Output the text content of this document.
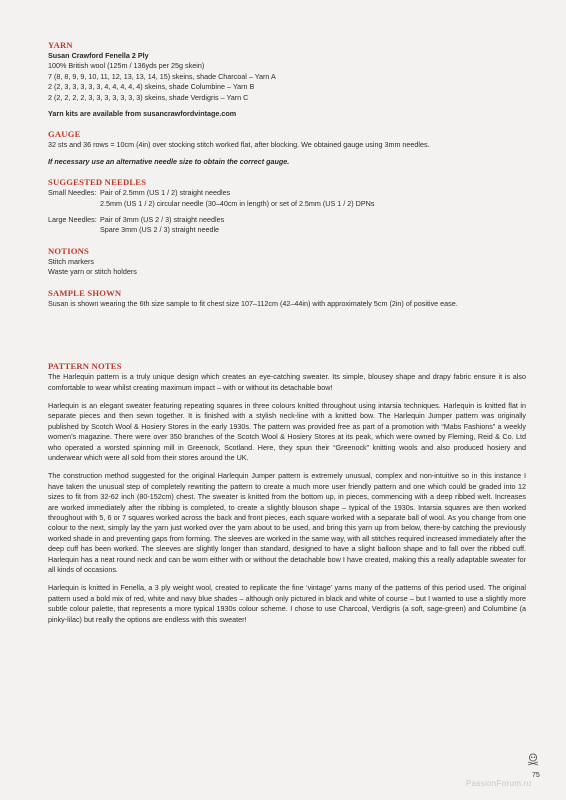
YARN
Susan Crawford Fenella 2 Ply
100% British wool (125m / 136yds per 25g skein)
7 (8, 8, 9, 9, 10, 11, 12, 13, 13, 14, 15) skeins, shade Charcoal – Yarn A
2 (2, 3, 3, 3, 3, 3, 4, 4, 4, 4, 4) skeins, shade Columbine – Yarn B
2 (2, 2, 2, 2, 3, 3, 3, 3, 3, 3, 3) skeins, shade Verdigris – Yarn C
Yarn kits are available from susancrawfordvintage.com
GAUGE
32 sts and 36 rows = 10cm (4in) over stocking stitch worked flat, after blocking. We obtained gauge using 3mm needles.
If necessary use an alternative needle size to obtain the correct gauge.
SUGGESTED NEEDLES
Small Needles: Pair of 2.5mm (US 1 / 2) straight needles
2.5mm (US 1 / 2) circular needle (30–40cm in length) or set of 2.5mm (US 1 / 2) DPNs
Large Needles: Pair of 3mm (US 2 / 3) straight needles
Spare 3mm (US 2 / 3) straight needle
NOTIONS
Stitch markers
Waste yarn or stitch holders
SAMPLE SHOWN
Susan is shown wearing the 6th size sample to fit chest size 107–112cm (42–44in) with approximately 5cm (2in) of positive ease.
PATTERN NOTES

The Harlequin pattern is a truly unique design which creates an eye-catching sweater. Its simple, blousey shape and drapy fabric ensure it is also comfortable to wear whilst creating maximum impact – with or without its detachable bow!

Harlequin is an elegant sweater featuring repeating squares in three colours knitted throughout using intarsia techniques. Harlequin is knitted flat in separate pieces and then sewn together. It is finished with a stylish neck-line with a knitted bow. The Harlequin Jumper pattern was originally published by Scotch Wool & Hosiery Stores in the early 1930s. The pattern was provided free as part of a promotion with “Mabs Fashions” a weekly women’s magazine. There were over 350 branches of the Scotch Wool & Hosiery Stores at its peak, which were owned by Fleming, Reid & Co. Ltd who operated a worsted spinning mill in Greenock, Scotland. Here, they spun their “Greenock” knitting wools and also produced hosiery and underwear which were all sold from their stores around the UK.

The construction method suggested for the original Harlequin Jumper pattern is extremely unusual, complex and non-intuitive so in this instance I have taken the unusual step of completely rewriting the pattern to create a much more user friendly pattern and one which could be graded into 12 sizes to fit from 32-62 inch (80-152cm) chest. The sweater is knitted from the bottom up, in pieces, commencing with a deep ribbed welt. Increases are worked immediately after the ribbing is completed, to create a slightly blouson shape – typical of the 1930s. Intarsia squares are then worked throughout with 5, 6 or 7 squares worked across the back and front pieces, each square worked with a separate ball of wool. As you change from one colour to the next, simply lay the yarn just worked over the yarn about to be used, and bring this yarn up from below, there-by catching the previously worked shade in and preventing gaps from forming. The sleeves are worked in the same way, with all stitches required increased immediately after the deep cuff has been worked. The sleeves are slightly longer than standard, designed to have a slight balloon shape and to fall over the ribbed cuff. Harlequin has a neat round neck and can be worn either with or without the detachable bow I have created, making this a really adaptable sweater for all kinds of occasions.

Harlequin is knitted in Fenella, a 3 ply weight wool, created to replicate the fine ‘vintage’ yarns many of the patterns of this period used. The original pattern used a bold mix of red, white and navy blue shades – although only pictured in black and white of course – but I wanted to use a slightly more subtle colour palette, that represents a more typical 1930s colour scheme. I chose to use Charcoal, Verdigris (a soft, sage-green) and Columbine (a pinky-lilac) but really the options are endless with this sweater!

75
PassionForum.ru
